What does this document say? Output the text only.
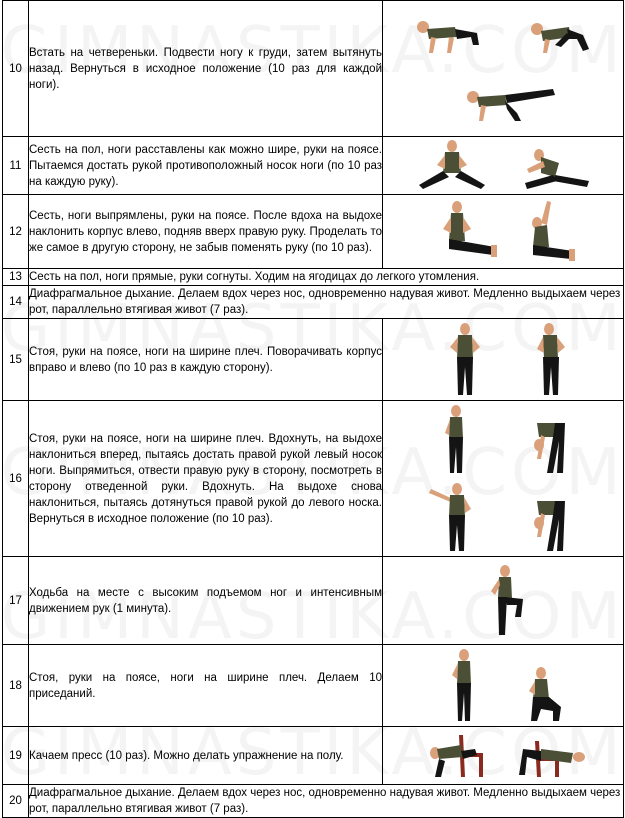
10	Встать на четвереньки. Подвести ногу к груди, затем вытянуть назад. Вернуться в исходное положение (10 раз для каждой ноги).	

11	Сесть на пол, ноги расставлены как можно шире, руки на поясе. Пытаемся достать рукой противоположный носок ноги (по 10 раз на каждую руку).	

12	Сесть, ноги выпрямлены, руки на поясе. После вдоха на выдохе наклонить корпус влево, подняв вверх правую руку. Проделать то же самое в другую сторону, не забыв поменять руку (по 10 раз).	

13	Сесть на пол, ноги прямые, руки согнуты. Ходим на ягодицах до легкого утомления.	
14	Диафрагмальное дыхание. Делаем вдох через нос, одновременно надувая живот. Медленно выдыхаем через рот, параллельно втягивая живот (7 раз).	
15	Стоя, руки на поясе, ноги на ширине плеч. Поворачивать корпус вправо и влево (по 10 раз в каждую сторону).	

16	Стоя, руки на поясе, ноги на ширине плеч. Вдохнуть, на выдохе наклониться вперед, пытаясь достать правой рукой левый носок ноги. Выпрямиться, отвести правую руку в сторону, посмотреть в сторону отведенной руки. Вдохнуть. На выдохе снова наклониться, пытаясь дотянуться правой рукой до левого носка. Вернуться в исходное положение (по 10 раз).	

17	Ходьба на месте с высоким подъемом ног и интенсивным движением рук (1 минута).	

18	Стоя, руки на поясе, ноги на ширине плеч. Делаем 10 приседаний.	

19	Качаем пресс (10 раз). Можно делать упражнение на полу.	

20	Диафрагмальное дыхание. Делаем вдох через нос, одновременно надувая живот. Медленно выдыхаем через рот, параллельно втягивая живот (7 раз).	
